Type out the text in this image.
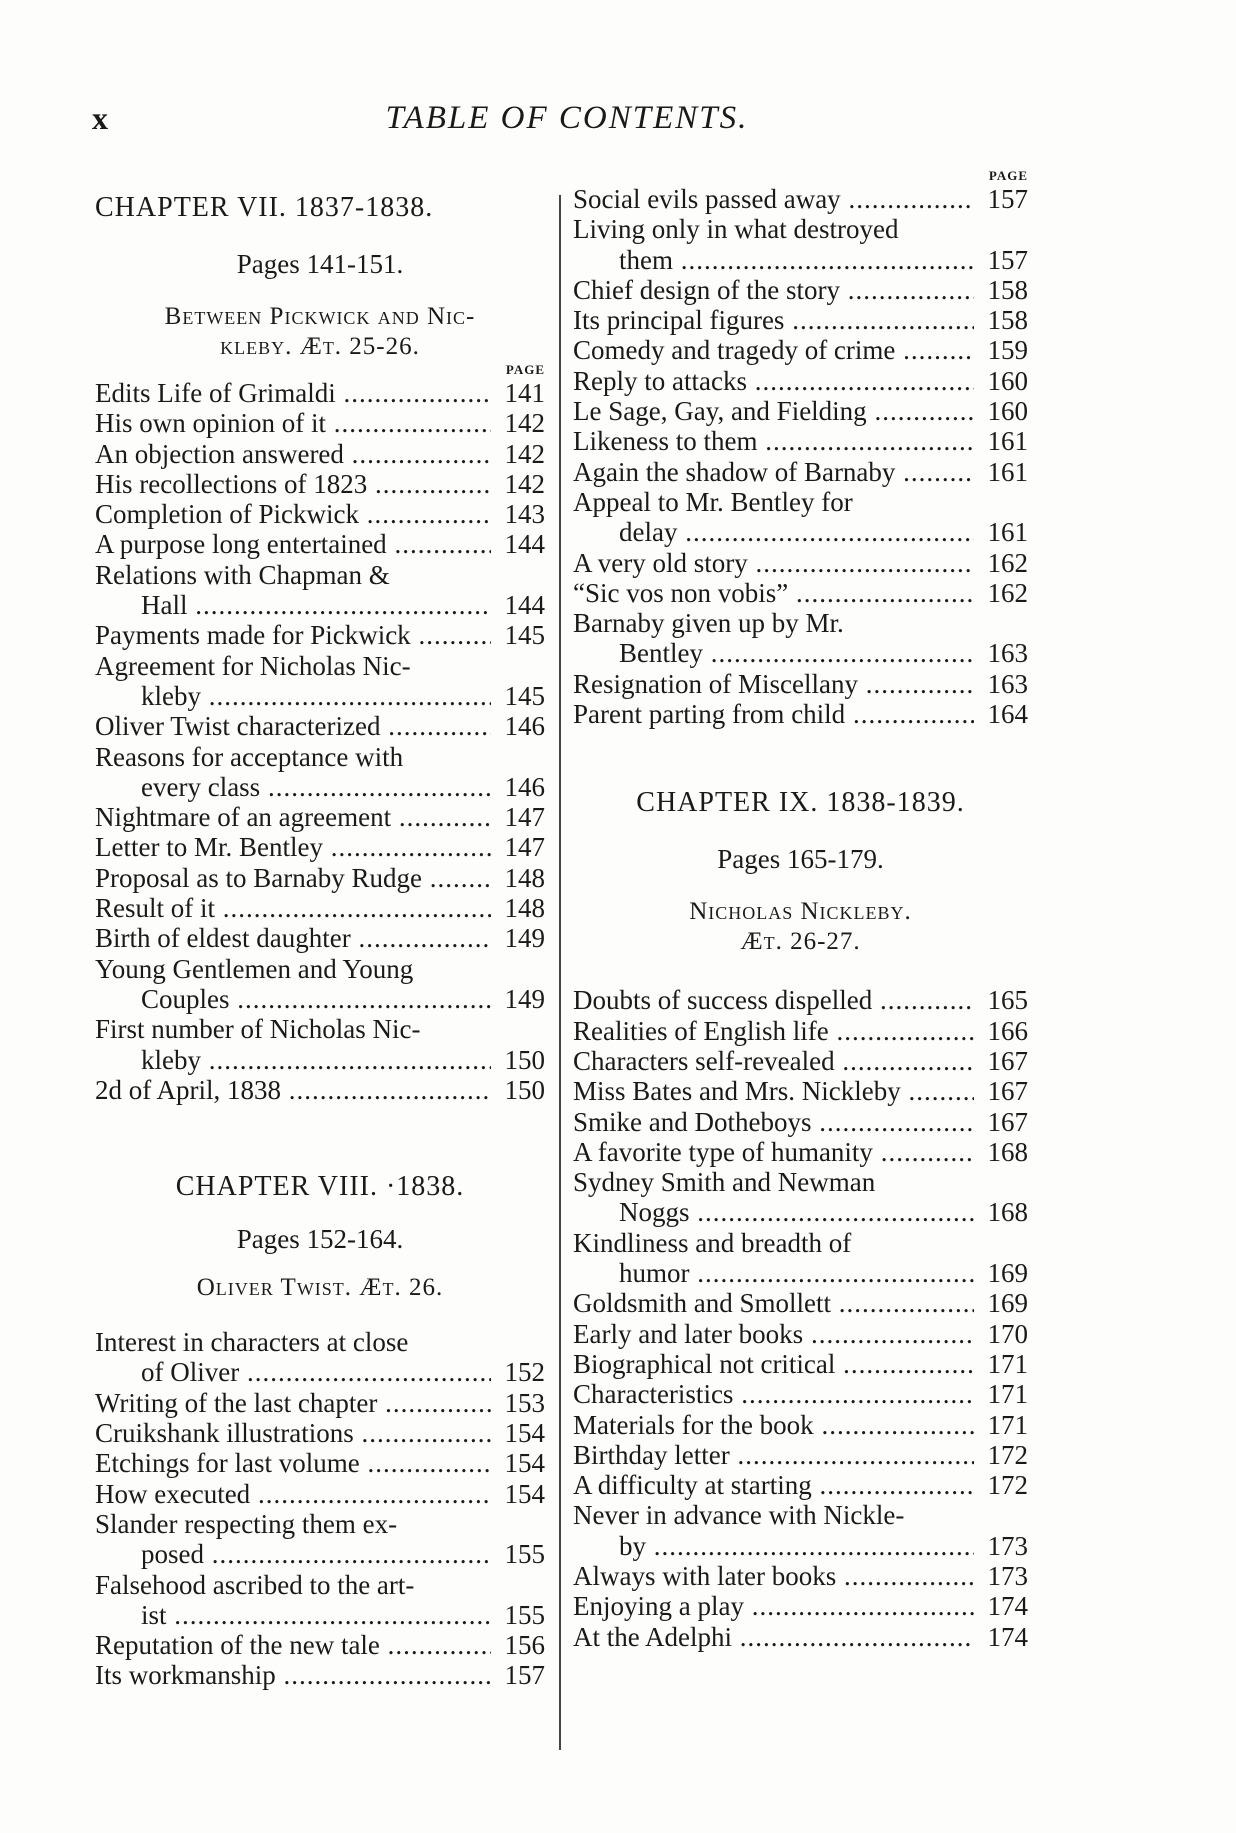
x	TABLE OF CONTENTS.
CHAPTER VII. 1837-1838.
Pages 141-151.
Between Pickwick and Nic-
kleby. Æt. 25-26.
PAGE
Edits Life of Grimaldi .....	141
His own opinion of it .....	142
An objection answered .....	142
His recollections of 1823 .....	142
Completion of Pickwick .....	143
A purpose long entertained .....	144
Relations with Chapman &
Hall .....	144
Payments made for Pickwick .....	145
Agreement for Nicholas Nic-
kleby .....	145
Oliver Twist characterized .....	146
Reasons for acceptance with
every class .....	146
Nightmare of an agreement .....	147
Letter to Mr. Bentley .....	147
Proposal as to Barnaby Rudge .....	148
Result of it .....	148
Birth of eldest daughter .....	149
Young Gentlemen and Young
Couples .....	149
First number of Nicholas Nic-
kleby .....	150
2d of April, 1838 .....	150
CHAPTER VIII. ·1838.
Pages 152-164.
Oliver Twist. Æt. 26.
Interest in characters at close
of Oliver .....	152
Writing of the last chapter .....	153
Cruikshank illustrations .....	154
Etchings for last volume .....	154
How executed .....	154
Slander respecting them ex-
posed .....	155
Falsehood ascribed to the art-
ist .....	155
Reputation of the new tale .....	156
Its workmanship .....	157
PAGE
Social evils passed away .....	157
Living only in what destroyed
them .....	157
Chief design of the story .....	158
Its principal figures .....	158
Comedy and tragedy of crime .....	159
Reply to attacks .....	160
Le Sage, Gay, and Fielding .....	160
Likeness to them .....	161
Again the shadow of Barnaby .....	161
Appeal to Mr. Bentley for
delay .....	161
A very old story .....	162
“Sic vos non vobis” .....	162
Barnaby given up by Mr.
Bentley .....	163
Resignation of Miscellany .....	163
Parent parting from child .....	164
CHAPTER IX. 1838-1839.
Pages 165-179.
Nicholas Nickleby.
Æt. 26-27.
Doubts of success dispelled .....	165
Realities of English life .....	166
Characters self-revealed .....	167
Miss Bates and Mrs. Nickleby .....	167
Smike and Dotheboys .....	167
A favorite type of humanity .....	168
Sydney Smith and Newman
Noggs .....	168
Kindliness and breadth of
humor .....	169
Goldsmith and Smollett .....	169
Early and later books .....	170
Biographical not critical .....	171
Characteristics .....	171
Materials for the book .....	171
Birthday letter .....	172
A difficulty at starting .....	172
Never in advance with Nickle-
by .....	173
Always with later books .....	173
Enjoying a play .....	174
At the Adelphi .....	174
